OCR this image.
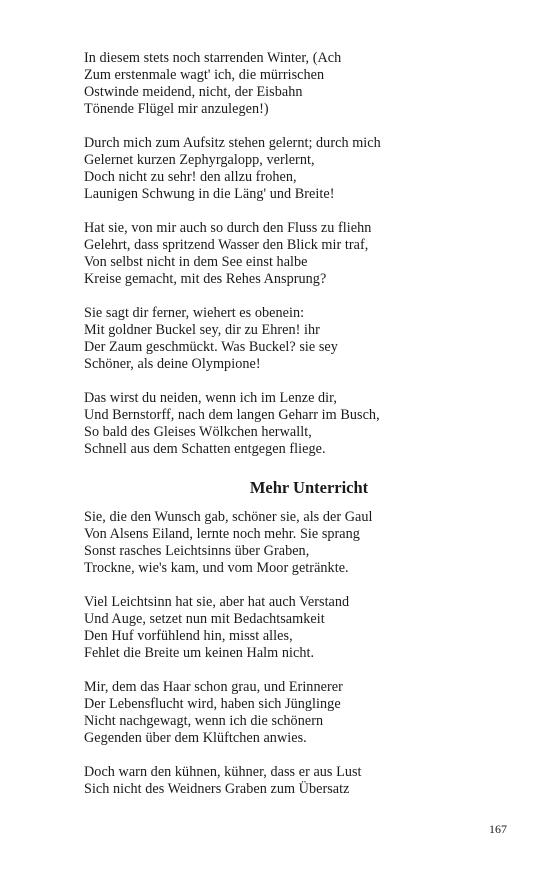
In diesem stets noch starrenden Winter, (Ach
Zum erstenmale wagt' ich, die mürrischen
Ostwinde meidend, nicht, der Eisbahn
Tönende Flügel mir anzulegen!)
Durch mich zum Aufsitz stehen gelernt; durch mich
Gelernet kurzen Zephyrgalopp, verlernt,
Doch nicht zu sehr! den allzu frohen,
Launigen Schwung in die Läng' und Breite!
Hat sie, von mir auch so durch den Fluss zu fliehn
Gelehrt, dass spritzend Wasser den Blick mir traf,
Von selbst nicht in dem See einst halbe
Kreise gemacht, mit des Rehes Ansprung?
Sie sagt dir ferner, wiehert es obenein:
Mit goldner Buckel sey, dir zu Ehren! ihr
Der Zaum geschmückt. Was Buckel? sie sey
Schöner, als deine Olympione!
Das wirst du neiden, wenn ich im Lenze dir,
Und Bernstorff, nach dem langen Geharr im Busch,
So bald des Gleises Wölkchen herwallt,
Schnell aus dem Schatten entgegen fliege.
Mehr Unterricht
Sie, die den Wunsch gab, schöner sie, als der Gaul
Von Alsens Eiland, lernte noch mehr. Sie sprang
Sonst rasches Leichtsinns über Graben,
Trockne, wie's kam, und vom Moor getränkte.
Viel Leichtsinn hat sie, aber hat auch Verstand
Und Auge, setzet nun mit Bedachtsamkeit
Den Huf vorfühlend hin, misst alles,
Fehlet die Breite um keinen Halm nicht.
Mir, dem das Haar schon grau, und Erinnerer
Der Lebensflucht wird, haben sich Jünglinge
Nicht nachgewagt, wenn ich die schönern
Gegenden über dem Klüftchen anwies.
Doch warn den kühnen, kühner, dass er aus Lust
Sich nicht des Weidners Graben zum Übersatz
167
